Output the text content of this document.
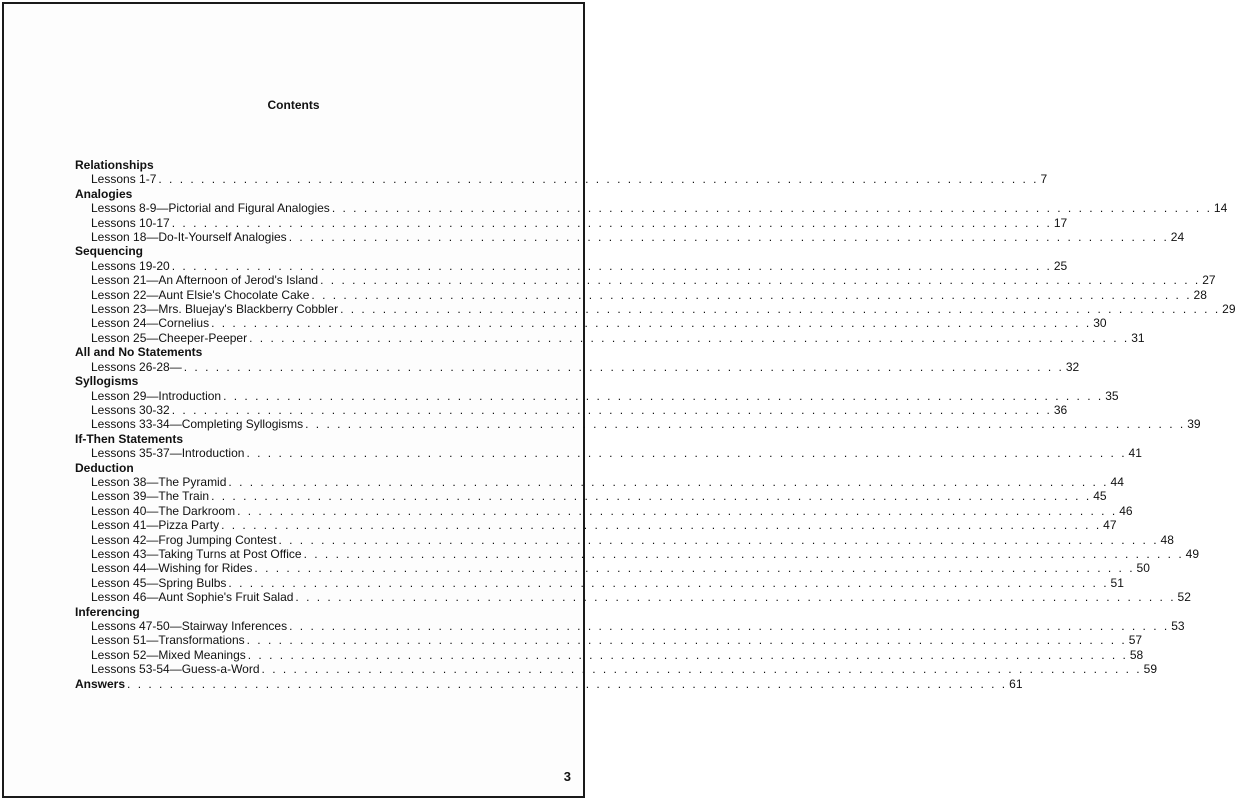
Contents
Relationships
Lessons 1-7 . . . . . . . . . . . . . . . . . . . . . . . . . . . . . . . . . . . . . . . . . . . . . . . . . . . . . . . . . . . . . . . . . . . . . . . . . . . . . . . . . . . 7
Analogies
Lessons 8-9—Pictorial and Figural Analogies . . . . . . . . . . . . . . . . . . . . . . . . . . . . . . . . . . . . . . . . . . . . . . . . . . . . . . . . . . . . . . . . . . . . . . . . . . . . . . . . . . . 14
Lessons 10-17 . . . . . . . . . . . . . . . . . . . . . . . . . . . . . . . . . . . . . . . . . . . . . . . . . . . . . . . . . . . . . . . . . . . . . . . . . . . . . . . . . . . 17
Lesson 18—Do-It-Yourself Analogies . . . . . . . . . . . . . . . . . . . . . . . . . . . . . . . . . . . . . . . . . . . . . . . . . . . . . . . . . . . . . . . . . . . . . . . . . . . . . . . . . . . 24
Sequencing
Lessons 19-20 . . . . . . . . . . . . . . . . . . . . . . . . . . . . . . . . . . . . . . . . . . . . . . . . . . . . . . . . . . . . . . . . . . . . . . . . . . . . . . . . . . . 25
Lesson 21—An Afternoon of Jerod's Island . . . . . . . . . . . . . . . . . . . . . . . . . . . . . . . . . . . . . . . . . . . . . . . . . . . . . . . . . . . . . . . . . . . . . . . . . . . . . . . . . . . 27
Lesson 22—Aunt Elsie's Chocolate Cake . . . . . . . . . . . . . . . . . . . . . . . . . . . . . . . . . . . . . . . . . . . . . . . . . . . . . . . . . . . . . . . . . . . . . . . . . . . . . . . . . . . 28
Lesson 23—Mrs. Bluejay's Blackberry Cobbler . . . . . . . . . . . . . . . . . . . . . . . . . . . . . . . . . . . . . . . . . . . . . . . . . . . . . . . . . . . . . . . . . . . . . . . . . . . . . . . . . . . 29
Lesson 24—Cornelius . . . . . . . . . . . . . . . . . . . . . . . . . . . . . . . . . . . . . . . . . . . . . . . . . . . . . . . . . . . . . . . . . . . . . . . . . . . . . . . . . . . 30
Lesson 25—Cheeper-Peeper . . . . . . . . . . . . . . . . . . . . . . . . . . . . . . . . . . . . . . . . . . . . . . . . . . . . . . . . . . . . . . . . . . . . . . . . . . . . . . . . . . . 31
All and No Statements
Lessons 26-28— . . . . . . . . . . . . . . . . . . . . . . . . . . . . . . . . . . . . . . . . . . . . . . . . . . . . . . . . . . . . . . . . . . . . . . . . . . . . . . . . . . . 32
Syllogisms
Lesson 29—Introduction . . . . . . . . . . . . . . . . . . . . . . . . . . . . . . . . . . . . . . . . . . . . . . . . . . . . . . . . . . . . . . . . . . . . . . . . . . . . . . . . . . . 35
Lessons 30-32 . . . . . . . . . . . . . . . . . . . . . . . . . . . . . . . . . . . . . . . . . . . . . . . . . . . . . . . . . . . . . . . . . . . . . . . . . . . . . . . . . . . 36
Lessons 33-34—Completing Syllogisms . . . . . . . . . . . . . . . . . . . . . . . . . . . . . . . . . . . . . . . . . . . . . . . . . . . . . . . . . . . . . . . . . . . . . . . . . . . . . . . . . . . 39
If-Then Statements
Lessons 35-37—Introduction . . . . . . . . . . . . . . . . . . . . . . . . . . . . . . . . . . . . . . . . . . . . . . . . . . . . . . . . . . . . . . . . . . . . . . . . . . . . . . . . . . . 41
Deduction
Lesson 38—The Pyramid . . . . . . . . . . . . . . . . . . . . . . . . . . . . . . . . . . . . . . . . . . . . . . . . . . . . . . . . . . . . . . . . . . . . . . . . . . . . . . . . . . . 44
Lesson 39—The Train . . . . . . . . . . . . . . . . . . . . . . . . . . . . . . . . . . . . . . . . . . . . . . . . . . . . . . . . . . . . . . . . . . . . . . . . . . . . . . . . . . . 45
Lesson 40—The Darkroom . . . . . . . . . . . . . . . . . . . . . . . . . . . . . . . . . . . . . . . . . . . . . . . . . . . . . . . . . . . . . . . . . . . . . . . . . . . . . . . . . . . 46
Lesson 41—Pizza Party . . . . . . . . . . . . . . . . . . . . . . . . . . . . . . . . . . . . . . . . . . . . . . . . . . . . . . . . . . . . . . . . . . . . . . . . . . . . . . . . . . . 47
Lesson 42—Frog Jumping Contest . . . . . . . . . . . . . . . . . . . . . . . . . . . . . . . . . . . . . . . . . . . . . . . . . . . . . . . . . . . . . . . . . . . . . . . . . . . . . . . . . . . 48
Lesson 43—Taking Turns at Post Office . . . . . . . . . . . . . . . . . . . . . . . . . . . . . . . . . . . . . . . . . . . . . . . . . . . . . . . . . . . . . . . . . . . . . . . . . . . . . . . . . . . 49
Lesson 44—Wishing for Rides . . . . . . . . . . . . . . . . . . . . . . . . . . . . . . . . . . . . . . . . . . . . . . . . . . . . . . . . . . . . . . . . . . . . . . . . . . . . . . . . . . . 50
Lesson 45—Spring Bulbs . . . . . . . . . . . . . . . . . . . . . . . . . . . . . . . . . . . . . . . . . . . . . . . . . . . . . . . . . . . . . . . . . . . . . . . . . . . . . . . . . . . 51
Lesson 46—Aunt Sophie's Fruit Salad . . . . . . . . . . . . . . . . . . . . . . . . . . . . . . . . . . . . . . . . . . . . . . . . . . . . . . . . . . . . . . . . . . . . . . . . . . . . . . . . . . . 52
Inferencing
Lessons 47-50—Stairway Inferences . . . . . . . . . . . . . . . . . . . . . . . . . . . . . . . . . . . . . . . . . . . . . . . . . . . . . . . . . . . . . . . . . . . . . . . . . . . . . . . . . . . 53
Lesson 51—Transformations . . . . . . . . . . . . . . . . . . . . . . . . . . . . . . . . . . . . . . . . . . . . . . . . . . . . . . . . . . . . . . . . . . . . . . . . . . . . . . . . . . . 57
Lesson 52—Mixed Meanings . . . . . . . . . . . . . . . . . . . . . . . . . . . . . . . . . . . . . . . . . . . . . . . . . . . . . . . . . . . . . . . . . . . . . . . . . . . . . . . . . . . 58
Lessons 53-54—Guess-a-Word . . . . . . . . . . . . . . . . . . . . . . . . . . . . . . . . . . . . . . . . . . . . . . . . . . . . . . . . . . . . . . . . . . . . . . . . . . . . . . . . . . . 59
Answers . . . . . . . . . . . . . . . . . . . . . . . . . . . . . . . . . . . . . . . . . . . . . . . . . . . . . . . . . . . . . . . . . . . . . . . . . . . . . . . . . . . 61
3
